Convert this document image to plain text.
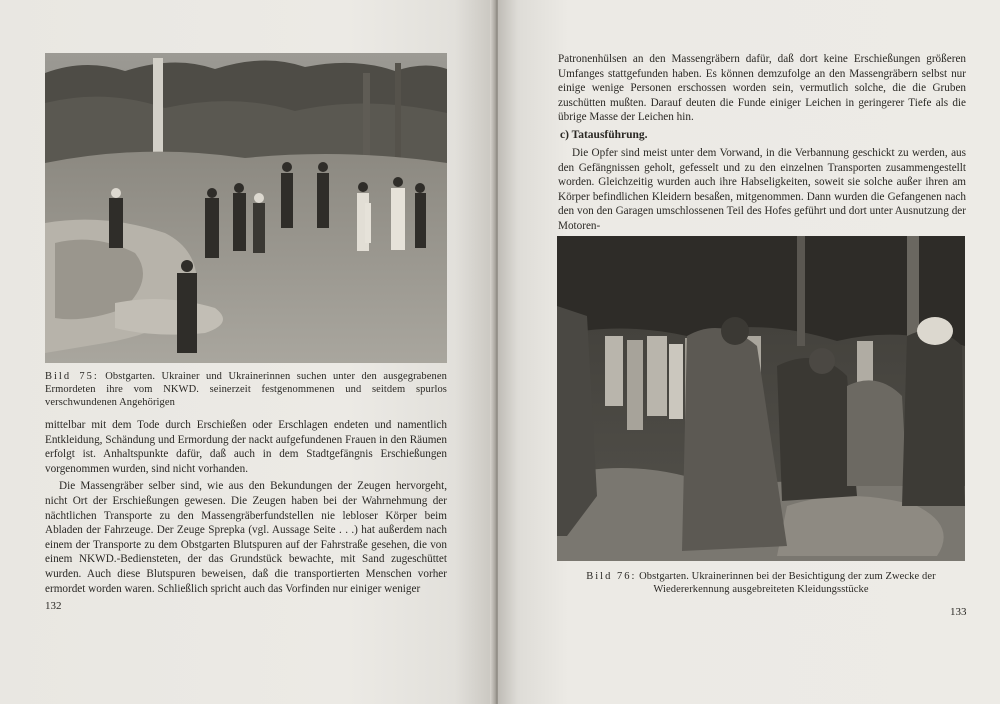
Bild 75: Obstgarten. Ukrainer und Ukrainerinnen suchen unter den ausgegrabenen Ermordeten ihre vom NKWD. seinerzeit festgenommenen und seitdem spurlos verschwundenen Angehörigen

mittelbar mit dem Tode durch Erschießen oder Erschlagen endeten und namentlich Entkleidung, Schändung und Ermordung der nackt aufgefundenen Frauen in den Räumen erfolgt ist. Anhaltspunkte dafür, daß auch in dem Stadtgefängnis Erschießungen vorgenommen wurden, sind nicht vorhanden.

Die Massengräber selber sind, wie aus den Bekundungen der Zeugen hervorgeht, nicht Ort der Erschießungen gewesen. Die Zeugen haben bei der Wahrnehmung der nächtlichen Transporte zu den Massengräberfundstellen nie lebloser Körper beim Abladen der Fahrzeuge. Der Zeuge Sprepka (vgl. Aussage Seite . . .) hat außerdem nach einem der Transporte zu dem Obstgarten Blutspuren auf der Fahrstraße gesehen, die von einem NKWD.-Bediensteten, der das Grundstück bewachte, mit Sand zugeschüttet wurden. Auch diese Blutspuren beweisen, daß die transportierten Menschen vorher ermordet worden waren. Schließlich spricht auch das Vorfinden nur einiger weniger

132

Patronenhülsen an den Massengräbern dafür, daß dort keine Erschießungen größeren Umfanges stattgefunden haben. Es können demzufolge an den Massengräbern selbst nur einige wenige Personen erschossen worden sein, vermutlich solche, die die Gruben zuschütten mußten. Darauf deuten die Funde einiger Leichen in geringerer Tiefe als die übrige Masse der Leichen hin.

c) Tatausführung.

Die Opfer sind meist unter dem Vorwand, in die Verbannung geschickt zu werden, aus den Gefängnissen geholt, gefesselt und zu den einzelnen Transporten zusammengestellt worden. Gleichzeitig wurden auch ihre Habseligkeiten, soweit sie solche außer ihren am Körper befindlichen Kleidern besaßen, mitgenommen. Dann wurden die Gefangenen nach den von den Garagen umschlossenen Teil des Hofes geführt und dort unter Ausnutzung der Motoren-

Bild 76: Obstgarten. Ukrainerinnen bei der Besichtigung der zum Zwecke der Wiedererkennung ausgebreiteten Kleidungsstücke
133
